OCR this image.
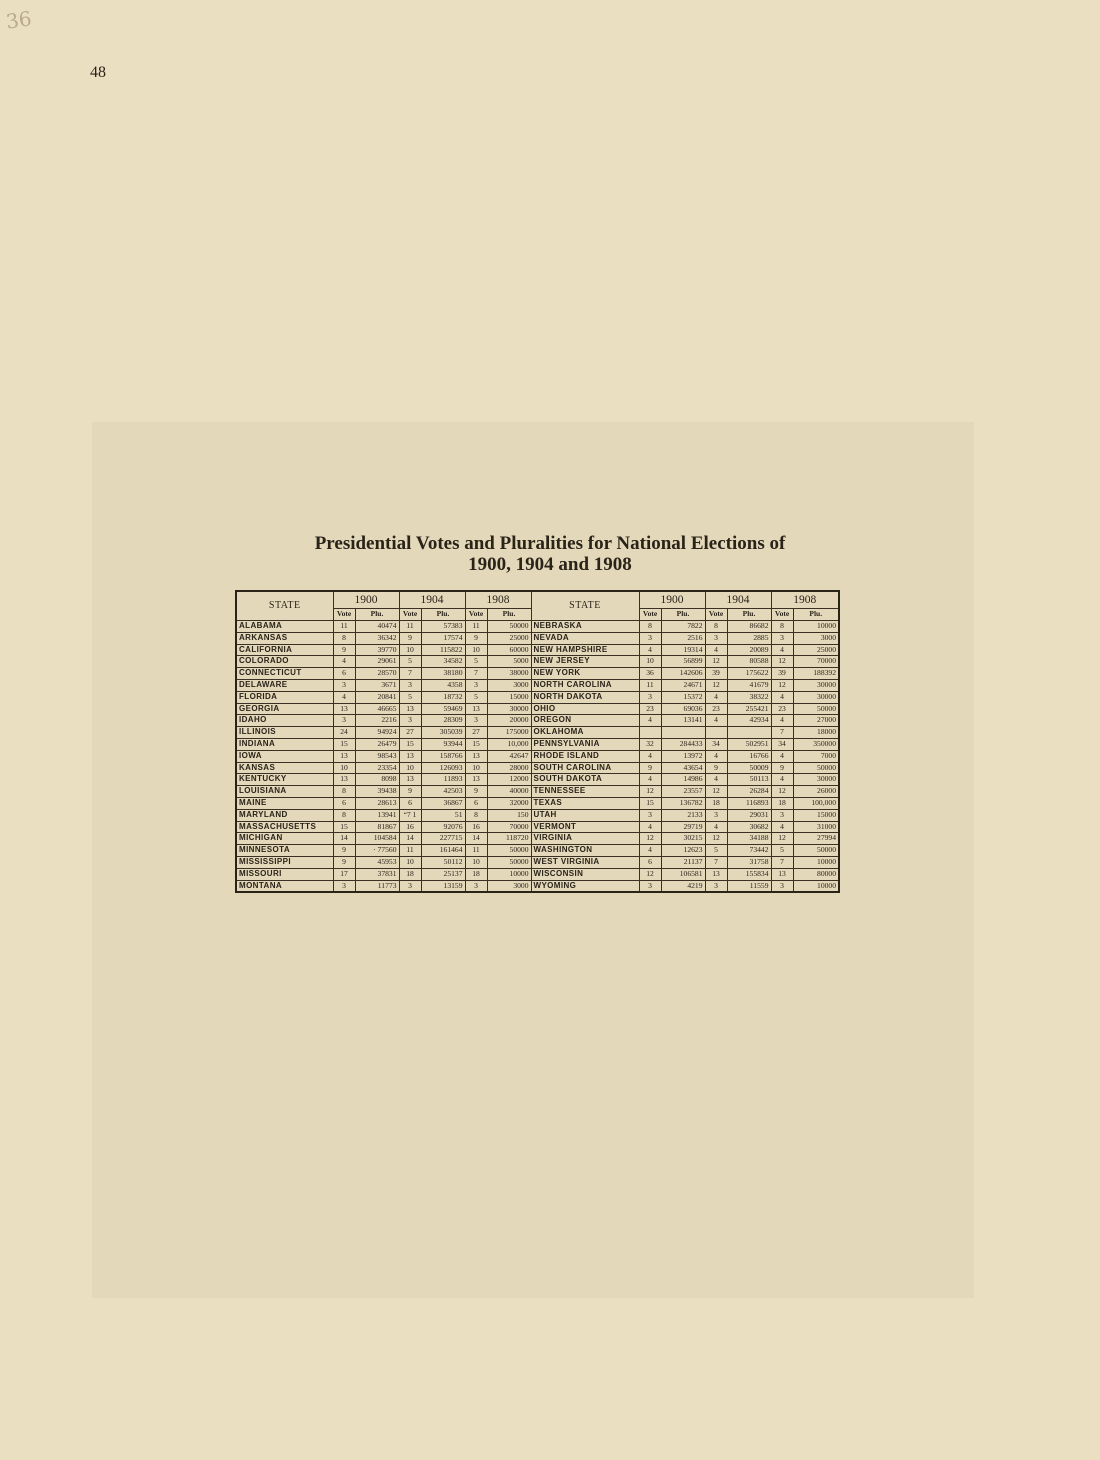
36
48
Presidential Votes and Pluralities for National Elections of
1900, 1904 and 1908
STATE	1900		1904		1908		STATE	1900		1904		1908	
	Vote	Plu.	Vote	Plu.	Vote	Plu.		Vote	Plu.	Vote	Plu.	Vote	Plu.
ALABAMA	11	40474	11	57383	11	50000	NEBRASKA	8	7822	8	86682	8	10000
ARKANSAS	8	36342	9	17574	9	25000	NEVADA	3	2516	3	2885	3	3000
CALIFORNIA	9	39770	10	115822	10	60000	NEW HAMPSHIRE	4	19314	4	20089	4	25000
COLORADO	4	29061	5	34582	5	5000	NEW JERSEY	10	56899	12	80588	12	70000
CONNECTICUT	6	28570	7	38180	7	38000	NEW YORK	36	142606	39	175622	39	188392
DELAWARE	3	3671	3	4358	3	3000	NORTH CAROLINA	11	24671	12	41679	12	30000
FLORIDA	4	20841	5	18732	5	15000	NORTH DAKOTA	3	15372	4	38322	4	30000
GEORGIA	13	46665	13	59469	13	30000	OHIO	23	69036	23	255421	23	50000
IDAHO	3	2216	3	28309	3	20000	OREGON	4	13141	4	42934	4	27000
ILLINOIS	24	94924	27	305039	27	175000	OKLAHOMA					7	18000
INDIANA	15	26479	15	93944	15	10,000	PENNSYLVANIA	32	284433	34	502951	34	350000
IOWA	13	98543	13	158766	13	42647	RHODE ISLAND	4	13972	4	16766	4	7000
KANSAS	10	23354	10	126093	10	28000	SOUTH CAROLINA	9	43654	9	50009	9	50000
KENTUCKY	13	8098	13	11893	13	12000	SOUTH DAKOTA	4	14986	4	50113	4	30000
LOUISIANA	8	39438	9	42503	9	40000	TENNESSEE	12	23557	12	26284	12	26000
MAINE	6	28613	6	36867	6	32000	TEXAS	15	136782	18	116893	18	100,000
MARYLAND	8	13941	“7 1	51	8	150	UTAH	3	2133	3	29031	3	15000
MASSACHUSETTS	15	81867	16	92076	16	70000	VERMONT	4	29719	4	30682	4	31000
MICHIGAN	14	104584	14	227715	14	118720	VIRGINIA	12	30215	12	34188	12	27994
MINNESOTA	9	· 77560	11	161464	11	50000	WASHINGTON	4	12623	5	73442	5	50000
MISSISSIPPI	9	45953	10	50112	10	50000	WEST VIRGINIA	6	21137	7	31758	7	10000
MISSOURI	17	37831	18	25137	18	10000	WISCONSIN	12	106581	13	155834	13	80000
MONTANA	3	11773	3	13159	3	3000	WYOMING	3	4219	3	11559	3	10000
